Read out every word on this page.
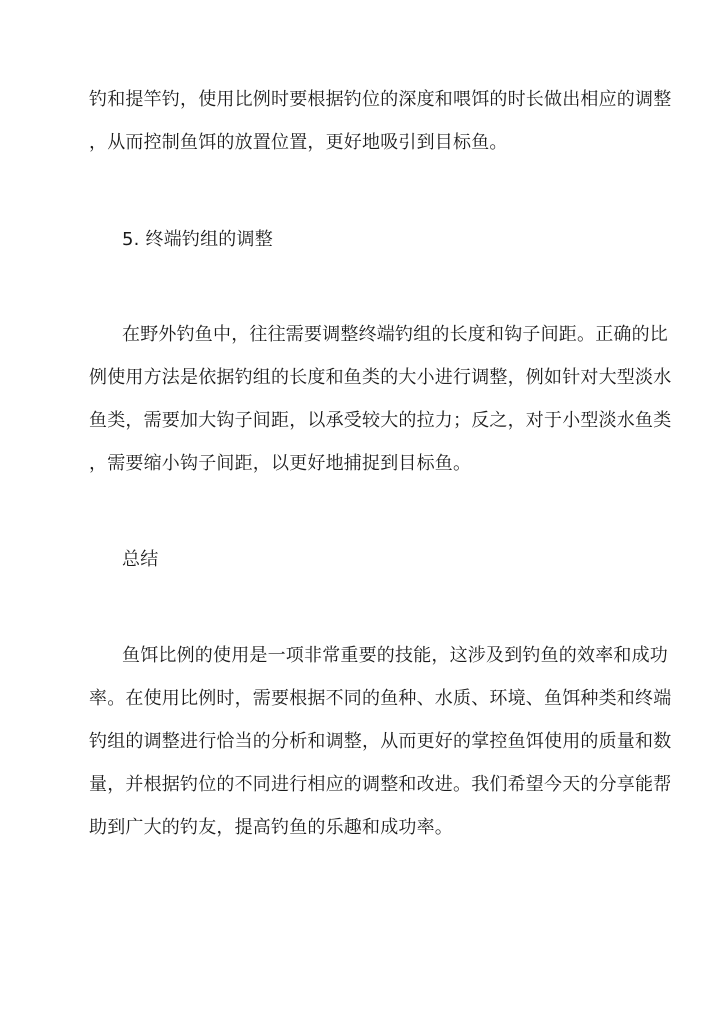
钓和提竿钓，使用比例时要根据钓位的深度和喂饵的时长做出相应的调整
，从而控制鱼饵的放置位置，更好地吸引到目标鱼。
5. 终端钓组的调整
在野外钓鱼中，往往需要调整终端钓组的长度和钩子间距。正确的比
例使用方法是依据钓组的长度和鱼类的大小进行调整，例如针对大型淡水
鱼类，需要加大钩子间距，以承受较大的拉力；反之，对于小型淡水鱼类
，需要缩小钩子间距，以更好地捕捉到目标鱼。
总结
鱼饵比例的使用是一项非常重要的技能，这涉及到钓鱼的效率和成功
率。在使用比例时，需要根据不同的鱼种、水质、环境、鱼饵种类和终端
钓组的调整进行恰当的分析和调整，从而更好的掌控鱼饵使用的质量和数
量，并根据钓位的不同进行相应的调整和改进。我们希望今天的分享能帮
助到广大的钓友，提高钓鱼的乐趣和成功率。
